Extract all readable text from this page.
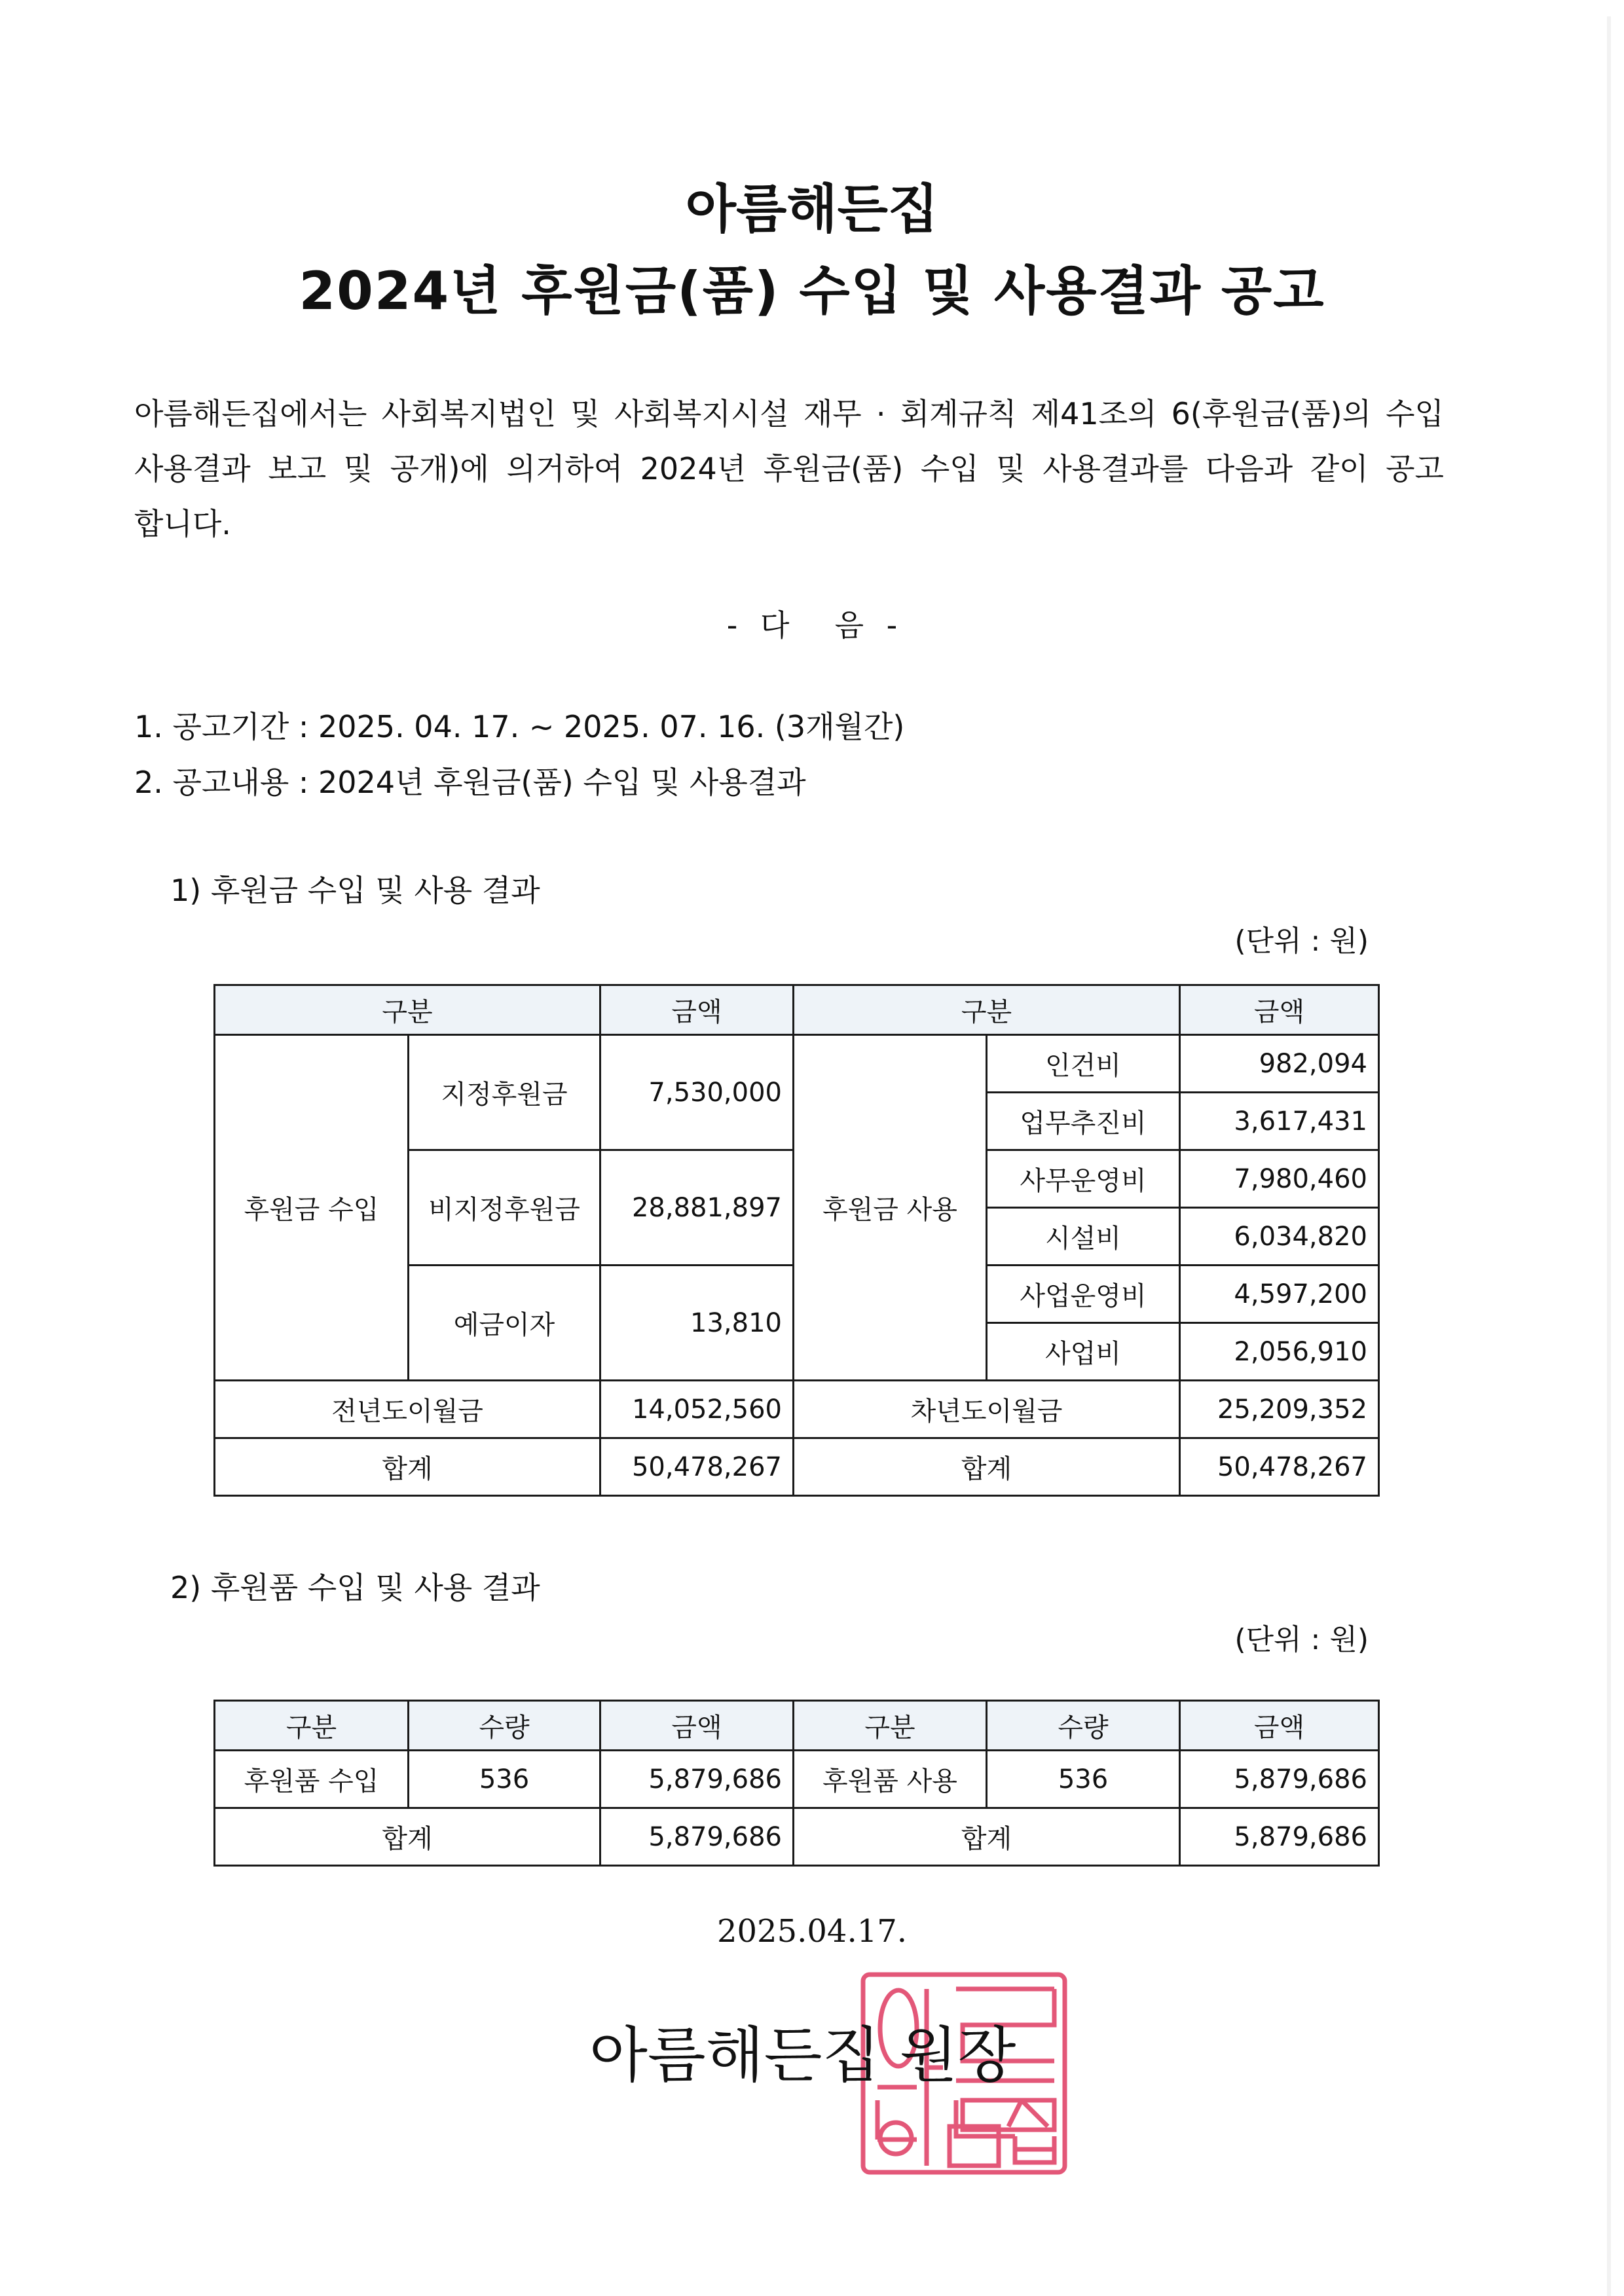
아름해든집
2024년 후원금(품) 수입 및 사용결과 공고
아름해든집에서는 사회복지법인 및 사회복지시설 재무 · 회계규칙 제41조의 6(후원금(품)의 수입
사용결과 보고 및 공개)에 의거하여 2024년 후원금(품) 수입 및 사용결과를 다음과 같이 공고
합니다.
- 다  음 -
1. 공고기간 : 2025. 04. 17. ~ 2025. 07. 16. (3개월간)
2. 공고내용 : 2024년 후원금(품) 수입 및 사용결과
1) 후원금 수입 및 사용 결과
(단위 : 원)
구분		금액	구분		금액
후원금 수입	지정후원금	7,530,000	후원금 사용	인건비	982,094
				업무추진비	3,617,431
	비지정후원금	28,881,897		사무운영비	7,980,460
				시설비	6,034,820
	예금이자	13,810		사업운영비	4,597,200
				사업비	2,056,910
전년도이월금		14,052,560	차년도이월금		25,209,352
합계		50,478,267	합계		50,478,267
2) 후원품 수입 및 사용 결과
(단위 : 원)
구분	수량	금액	구분	수량	금액
후원품 수입	536	5,879,686	후원품 사용	536	5,879,686
합계		5,879,686	합계		5,879,686
2025.04.17.
아름해든집 원장
